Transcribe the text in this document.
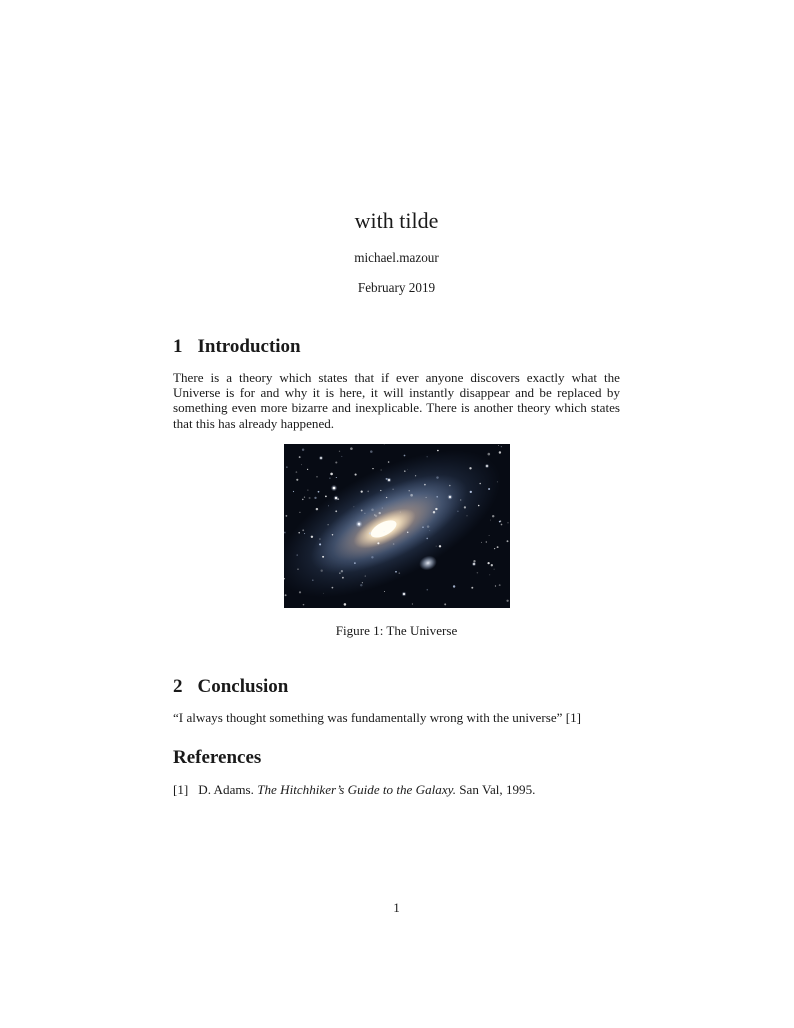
with tilde
michael.mazour
February 2019
1 Introduction

There is a theory which states that if ever anyone discovers exactly what the Universe is for and why it is here, it will instantly disappear and be replaced by something even more bizarre and inexplicable. There is another theory which states that this has already happened.

Figure 1: The Universe
2 Conclusion

“I always thought something was fundamentally wrong with the universe” [1]

References
[1] D. Adams. The Hitchhiker’s Guide to the Galaxy. San Val, 1995.
1
